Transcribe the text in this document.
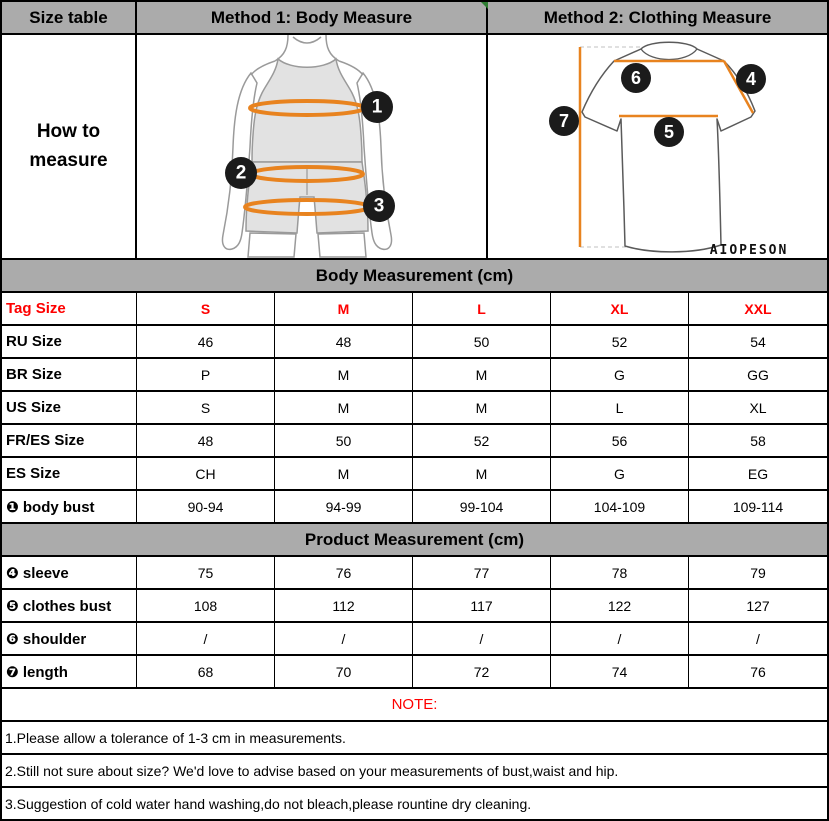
Size table	Method 1: Body Measure	Method 2: Clothing Measure
How to
measure
1
2
3
6	4
7
5
AIOPESON
Body Measurement (cm)
Tag Size	S	M	L	XL	XXL
RU Size	46	48	50	52	54
BR Size	P	M	M	G	GG
US Size	S	M	M	L	XL
FR/ES Size	48	50	52	56	58
ES Size	CH	M	M	G	EG
❶ body bust	90-94	94-99	99-104	104-109	109-114
Product Measurement (cm)
❹ sleeve	75	76	77	78	79
❺ clothes bust	108	112	117	122	127
❻ shoulder	/	/	/	/	/
❼ length	68	70	72	74	76
NOTE:
1.Please allow a tolerance of 1-3 cm in measurements.
2.Still not sure about size? We'd love to advise based on your measurements of bust,waist and hip.
3.Suggestion of cold water hand washing,do not bleach,please rountine dry cleaning.
